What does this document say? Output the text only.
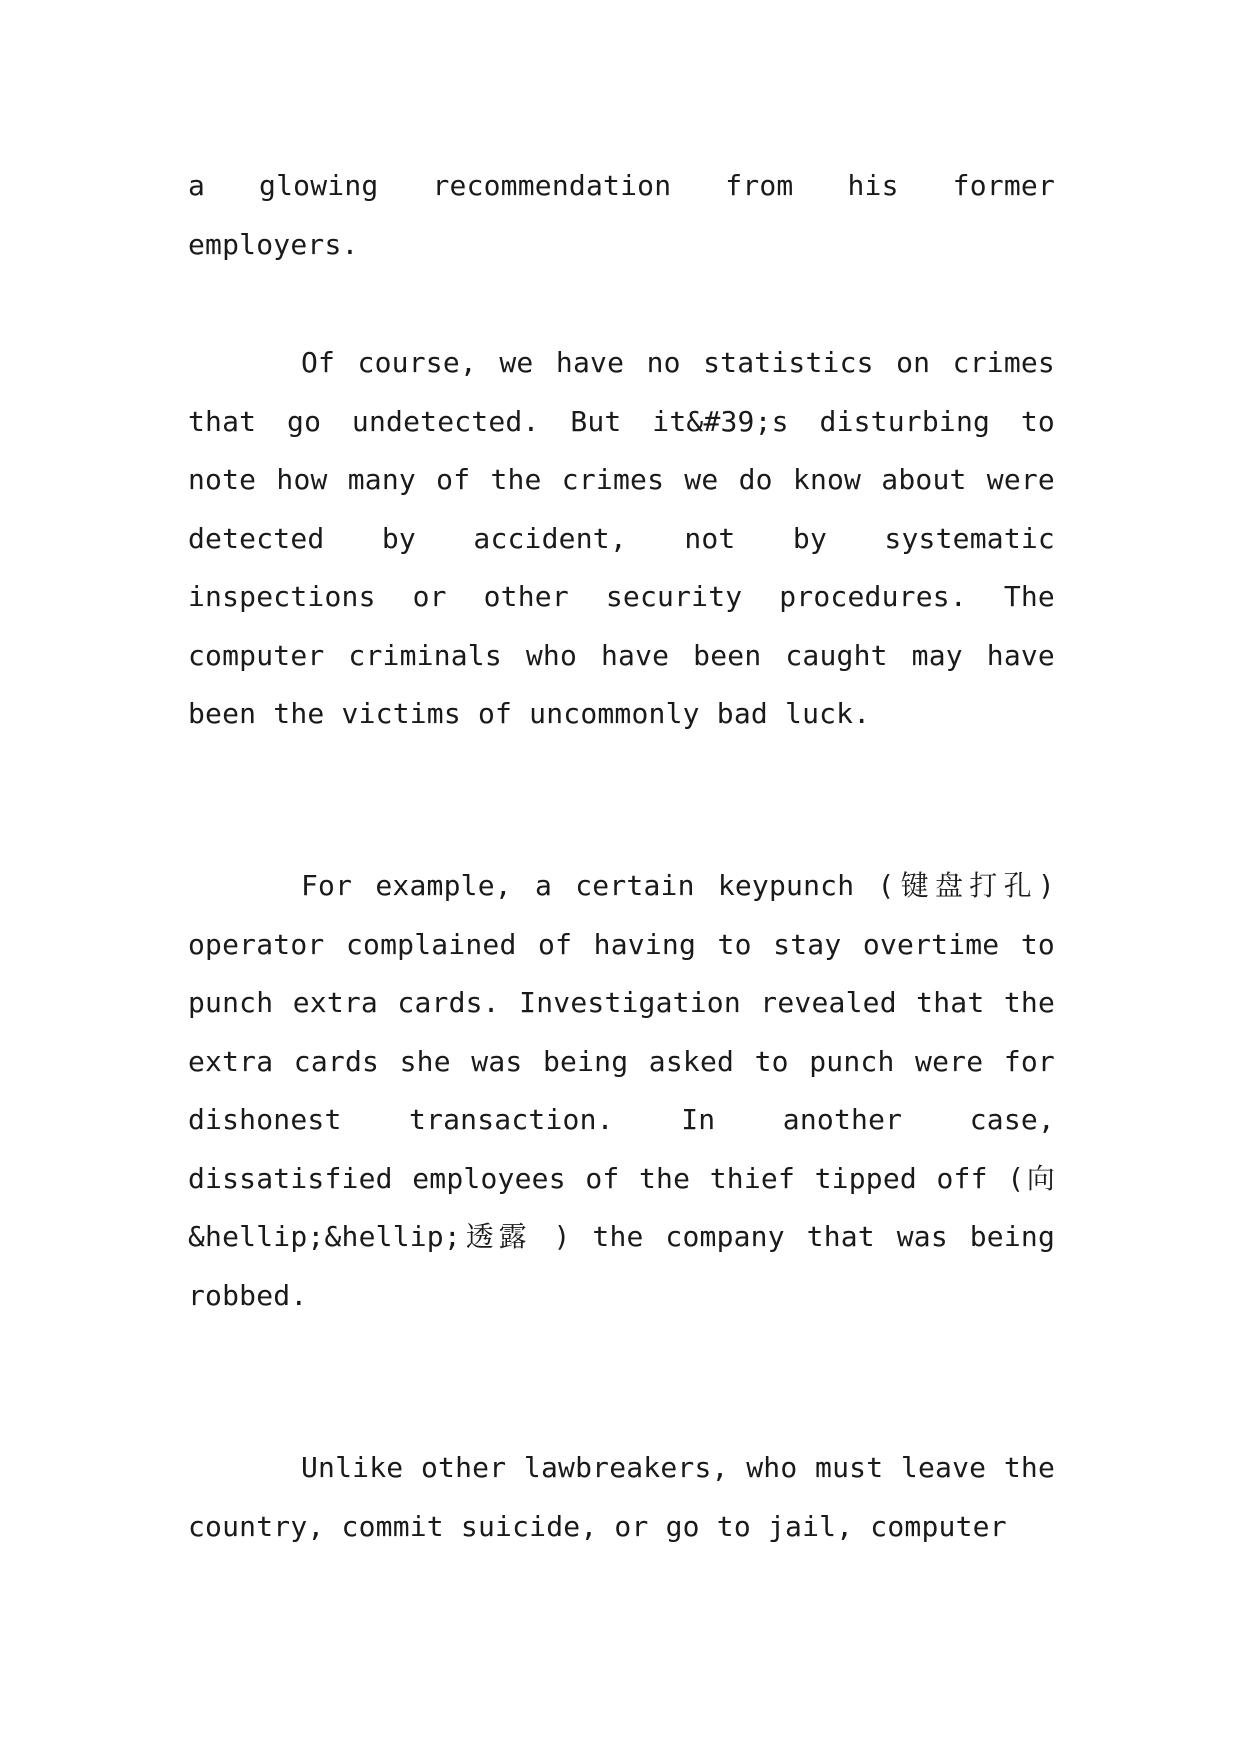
a glowing recommendation from his former employers.

Of course, we have no statistics on crimes that go undetected. But it&#39;s disturbing to note how many of the crimes we do know about were detected by accident, not by systematic inspections or other security procedures. The computer criminals who have been caught may have been the victims of uncommonly bad luck.

For example, a certain keypunch (键盘打孔) operator complained of having to stay overtime to punch extra cards. Investigation revealed that the extra cards she was being asked to punch were for dishonest transaction. In another case, dissatisfied employees of the thief tipped off (向&hellip;&hellip;透露 ) the company that was being robbed.

Unlike other lawbreakers, who must leave the country, commit suicide, or go to jail, computer
